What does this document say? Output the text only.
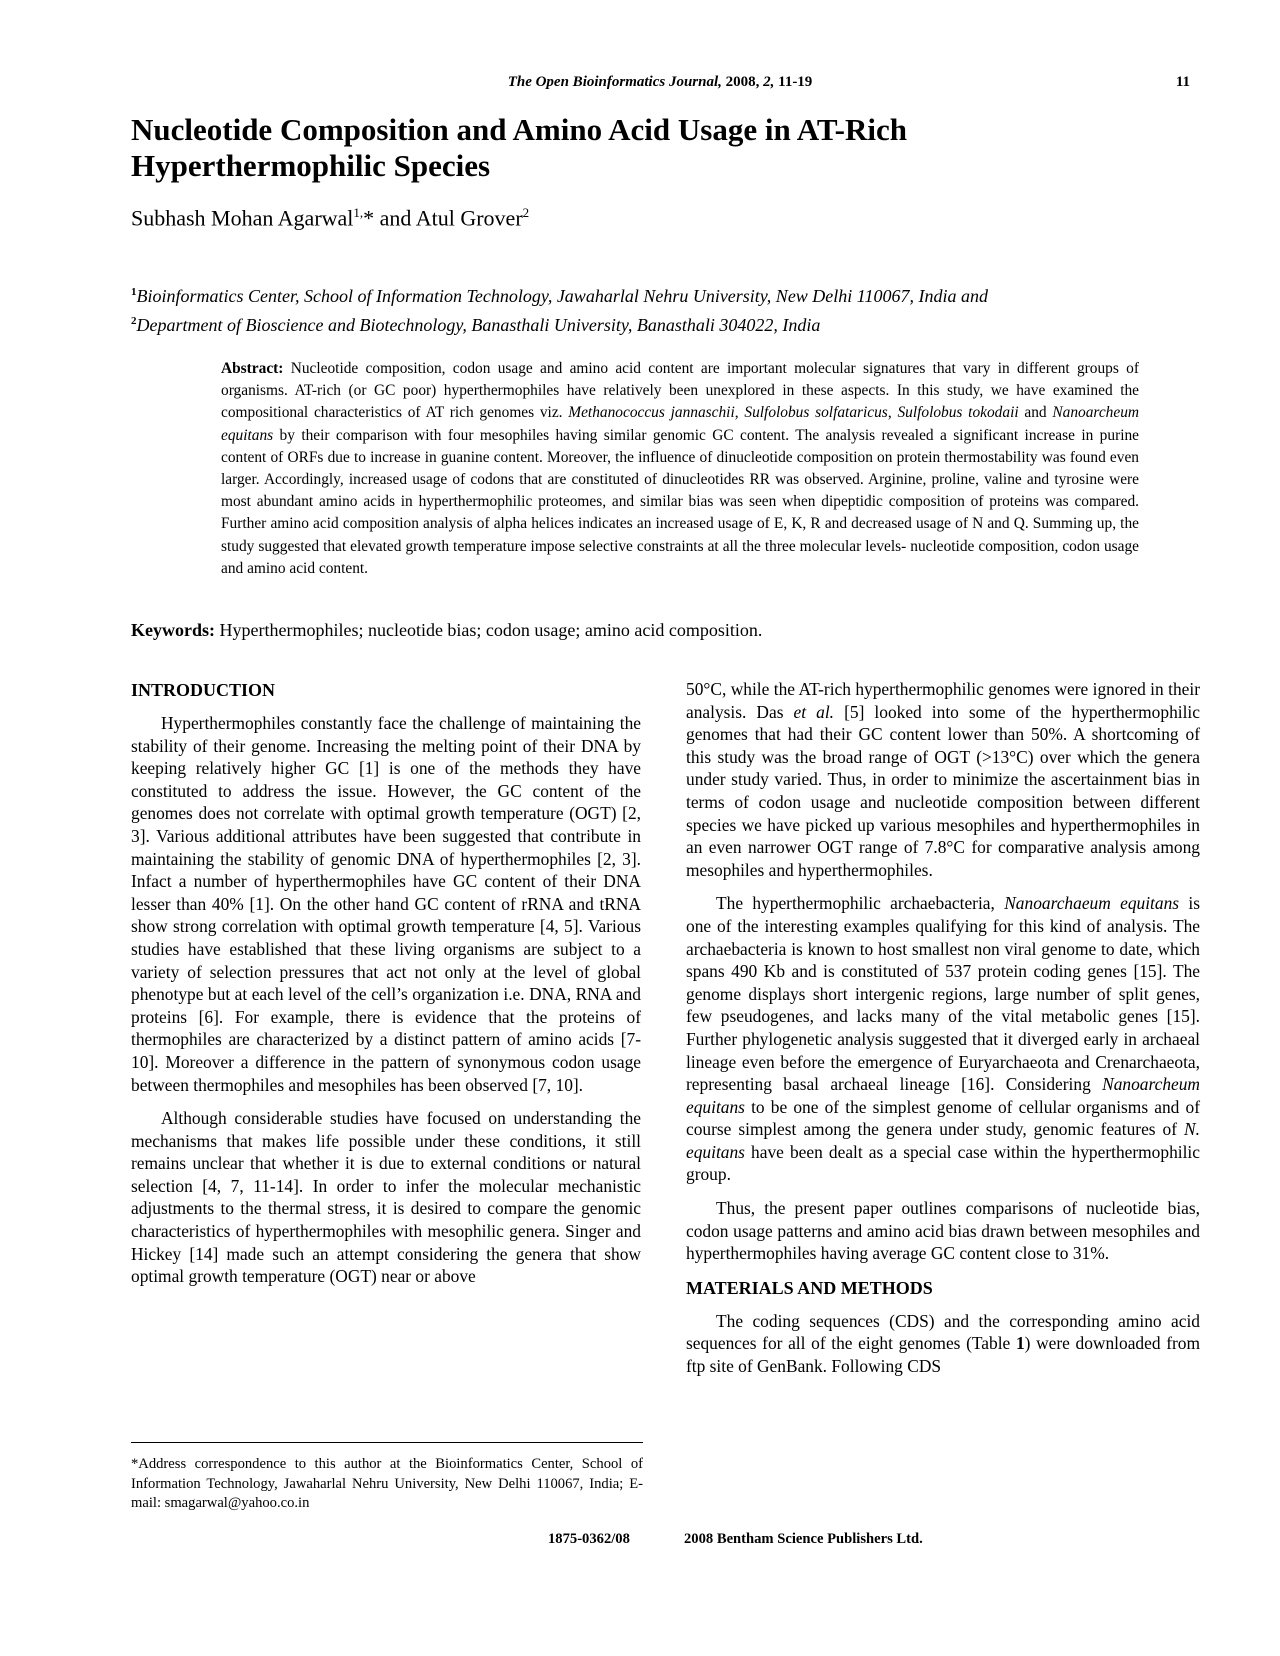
The Open Bioinformatics Journal, 2008, 2, 11-19	11
Nucleotide Composition and Amino Acid Usage in AT-Rich
Hyperthermophilic Species

Subhash Mohan Agarwal$^{1,}$* and Atul Grover$^2$

$^1$Bioinformatics Center, School of Information Technology, Jawaharlal Nehru University, New Delhi 110067, India and
$^2$Department of Bioscience and Biotechnology, Banasthali University, Banasthali 304022, India

Abstract: Nucleotide composition, codon usage and amino acid content are important molecular signatures that vary in different groups of organisms. AT-rich (or GC poor) hyperthermophiles have relatively been unexplored in these aspects. In this study, we have examined the compositional characteristics of AT rich genomes viz. Methanococcus jannaschii, Sulfolobus solfataricus, Sulfolobus tokodaii and Nanoarcheum equitans by their comparison with four mesophiles having similar genomic GC content. The analysis revealed a significant increase in purine content of ORFs due to increase in guanine content. Moreover, the influence of dinucleotide composition on protein thermostability was found even larger. Accordingly, increased usage of codons that are constituted of dinucleotides RR was observed. Arginine, proline, valine and tyrosine were most abundant amino acids in hyperthermophilic proteomes, and similar bias was seen when dipeptidic composition of proteins was compared. Further amino acid composition analysis of alpha helices indicates an increased usage of E, K, R and decreased usage of N and Q. Summing up, the study suggested that elevated growth temperature impose selective constraints at all the three molecular levels- nucleotide composition, codon usage and amino acid content.

Keywords: Hyperthermophiles; nucleotide bias; codon usage; amino acid composition.

INTRODUCTION

Hyperthermophiles constantly face the challenge of maintaining the stability of their genome. Increasing the melting point of their DNA by keeping relatively higher GC [1] is one of the methods they have constituted to address the issue. However, the GC content of the genomes does not correlate with optimal growth temperature (OGT) [2, 3]. Various additional attributes have been suggested that contribute in maintaining the stability of genomic DNA of hyperthermophiles [2, 3]. Infact a number of hyperthermophiles have GC content of their DNA lesser than 40% [1]. On the other hand GC content of rRNA and tRNA show strong correlation with optimal growth temperature [4, 5]. Various studies have established that these living organisms are subject to a variety of selection pressures that act not only at the level of global phenotype but at each level of the cell’s organization i.e. DNA, RNA and proteins [6]. For example, there is evidence that the proteins of thermophiles are characterized by a distinct pattern of amino acids [7-10]. Moreover a difference in the pattern of synonymous codon usage between thermophiles and mesophiles has been observed [7, 10].

Although considerable studies have focused on understanding the mechanisms that makes life possible under these conditions, it still remains unclear that whether it is due to external conditions or natural selection [4, 7, 11-14]. In order to infer the molecular mechanistic adjustments to the thermal stress, it is desired to compare the genomic characteristics of hyperthermophiles with mesophilic genera. Singer and Hickey [14] made such an attempt considering the genera that show optimal growth temperature (OGT) near or above

50°C, while the AT-rich hyperthermophilic genomes were ignored in their analysis. Das et al. [5] looked into some of the hyperthermophilic genomes that had their GC content lower than 50%. A shortcoming of this study was the broad range of OGT (>13°C) over which the genera under study varied. Thus, in order to minimize the ascertainment bias in terms of codon usage and nucleotide composition between different species we have picked up various mesophiles and hyperthermophiles in an even narrower OGT range of 7.8°C for comparative analysis among mesophiles and hyperthermophiles.

The hyperthermophilic archaebacteria, Nanoarchaeum equitans is one of the interesting examples qualifying for this kind of analysis. The archaebacteria is known to host smallest non viral genome to date, which spans 490 Kb and is constituted of 537 protein coding genes [15]. The genome displays short intergenic regions, large number of split genes, few pseudogenes, and lacks many of the vital metabolic genes [15]. Further phylogenetic analysis suggested that it diverged early in archaeal lineage even before the emergence of Euryarchaeota and Crenarchaeota, representing basal archaeal lineage [16]. Considering Nanoarcheum equitans to be one of the simplest genome of cellular organisms and of course simplest among the genera under study, genomic features of N. equitans have been dealt as a special case within the hyperthermophilic group.

Thus, the present paper outlines comparisons of nucleotide bias, codon usage patterns and amino acid bias drawn between mesophiles and hyperthermophiles having average GC content close to 31%.

MATERIALS AND METHODS

The coding sequences (CDS) and the corresponding amino acid sequences for all of the eight genomes (Table 1) were downloaded from ftp site of GenBank. Following CDS

*Address correspondence to this author at the Bioinformatics Center, School of Information Technology, Jawaharlal Nehru University, New Delhi 110067, India; E-mail: smagarwal@yahoo.co.in

1875-0362/08	2008 Bentham Science Publishers Ltd.
